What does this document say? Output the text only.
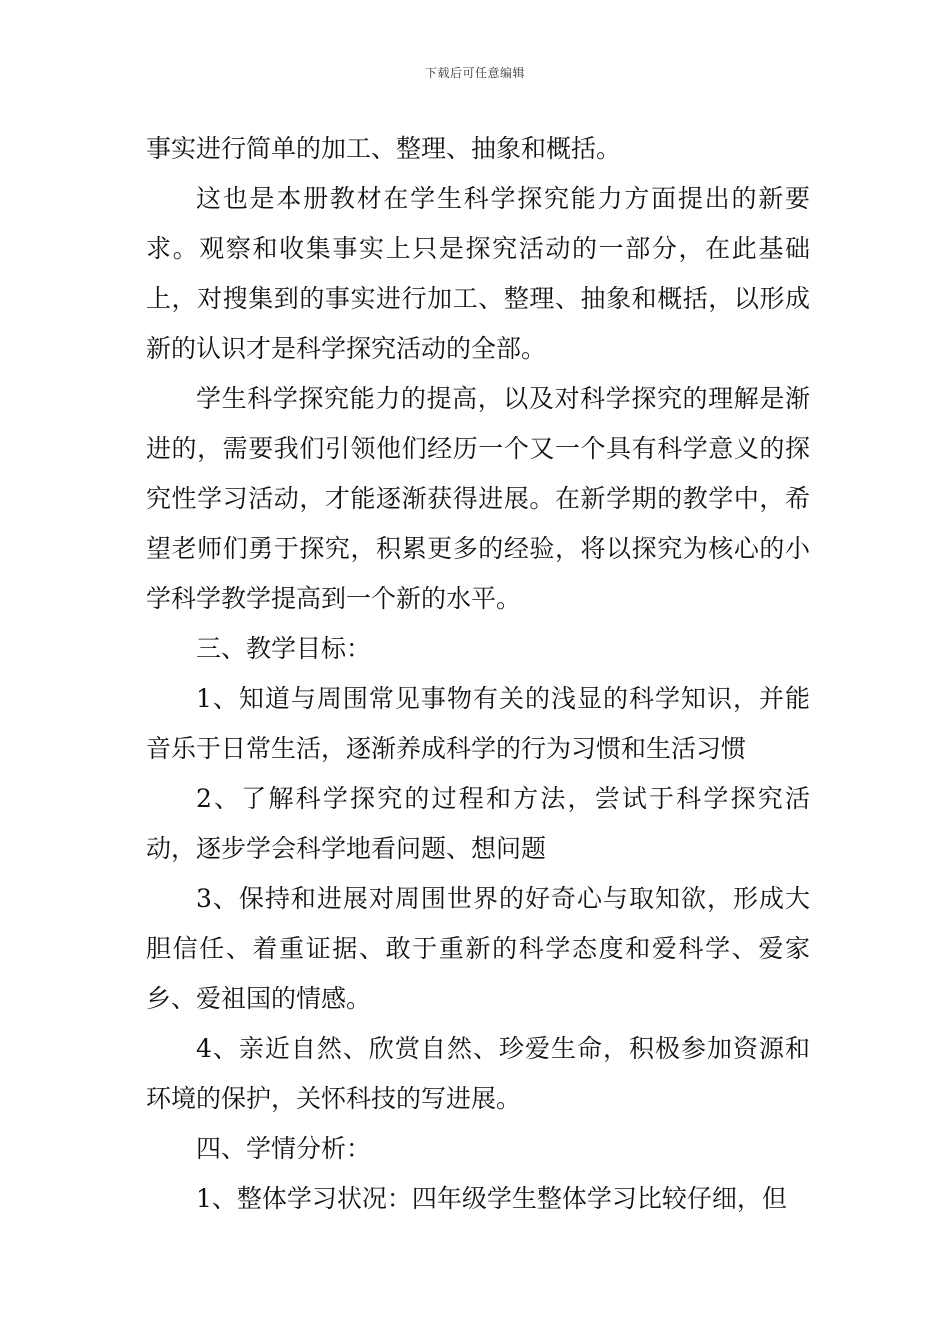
下载后可任意编辑

事实进行简单的加工、整理、抽象和概括。

这也是本册教材在学生科学探究能力方面提出的新要求。观察和收集事实上只是探究活动的一部分，在此基础上，对搜集到的事实进行加工、整理、抽象和概括，以形成新的认识才是科学探究活动的全部。

学生科学探究能力的提高，以及对科学探究的理解是渐进的，需要我们引领他们经历一个又一个具有科学意义的探究性学习活动，才能逐渐获得进展。在新学期的教学中，希望老师们勇于探究，积累更多的经验，将以探究为核心的小学科学教学提高到一个新的水平。

三、教学目标：

1、知道与周围常见事物有关的浅显的科学知识，并能音乐于日常生活，逐渐养成科学的行为习惯和生活习惯

2、了解科学探究的过程和方法，尝试于科学探究活动，逐步学会科学地看问题、想问题

3、保持和进展对周围世界的好奇心与取知欲，形成大胆信任、着重证据、敢于重新的科学态度和爱科学、爱家乡、爱祖国的情感。

4、亲近自然、欣赏自然、珍爱生命，积极参加资源和环境的保护，关怀科技的写进展。

四、学情分析：

1、整体学习状况：四年级学生整体学习比较仔细，但
